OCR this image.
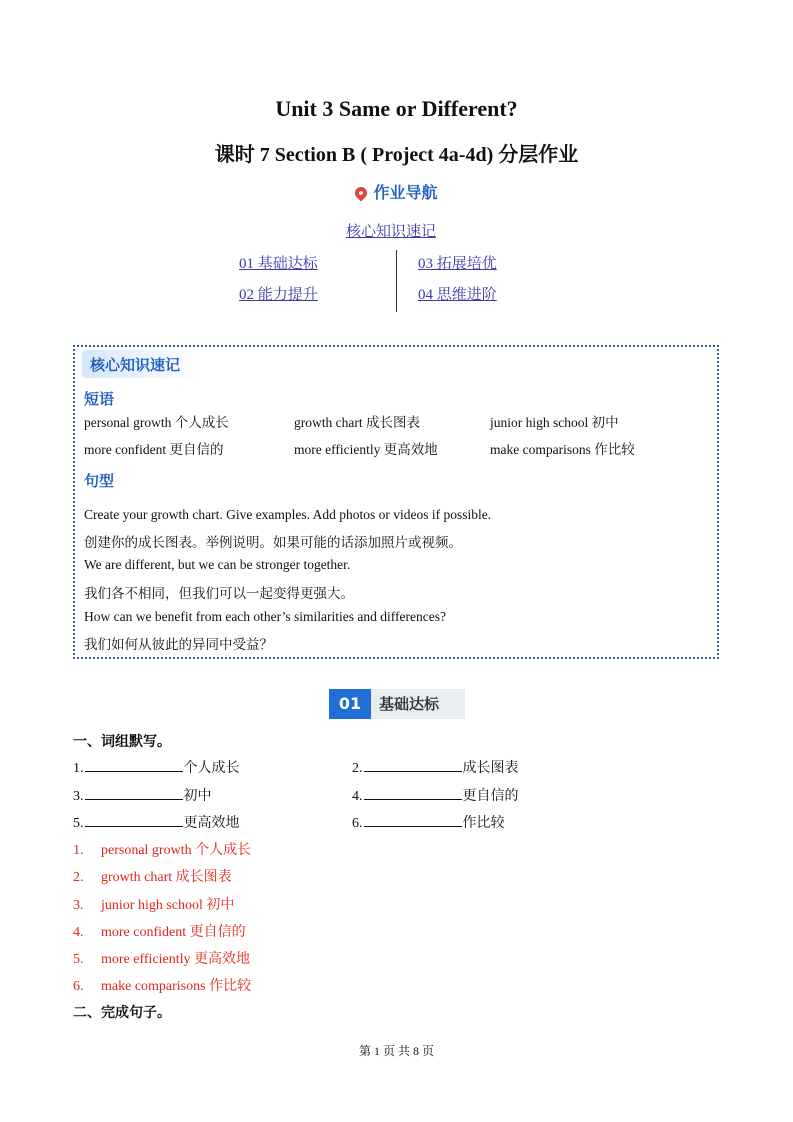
Unit 3 Same or Different?
课时 7 Section B ( Project 4a-4d) 分层作业
作业导航
核心知识速记
01 基础达标	03 拓展培优
02 能力提升	04 思维进阶
核心知识速记
短语
personal growth 个人成长	growth chart 成长图表	junior high school 初中
more confident 更自信的	more efficiently 更高效地	make comparisons 作比较
句型
Create your growth chart. Give examples. Add photos or videos if possible.
创建你的成长图表。举例说明。如果可能的话添加照片或视频。
We are different, but we can be stronger together.
我们各不相同，但我们可以一起变得更强大。
How can we benefit from each other’s similarities and differences?
我们如何从彼此的异同中受益？
01	基础达标
一、词组默写。
1.	个人成长	2.	成长图表
3.	初中	4.	更自信的
5.	更高效地	6.	作比较
1. personal growth 个人成长
2. growth chart 成长图表
3. junior high school 初中
4. more confident 更自信的
5. more efficiently 更高效地
6. make comparisons 作比较
二、完成句子。
第 1 页 共 8 页
